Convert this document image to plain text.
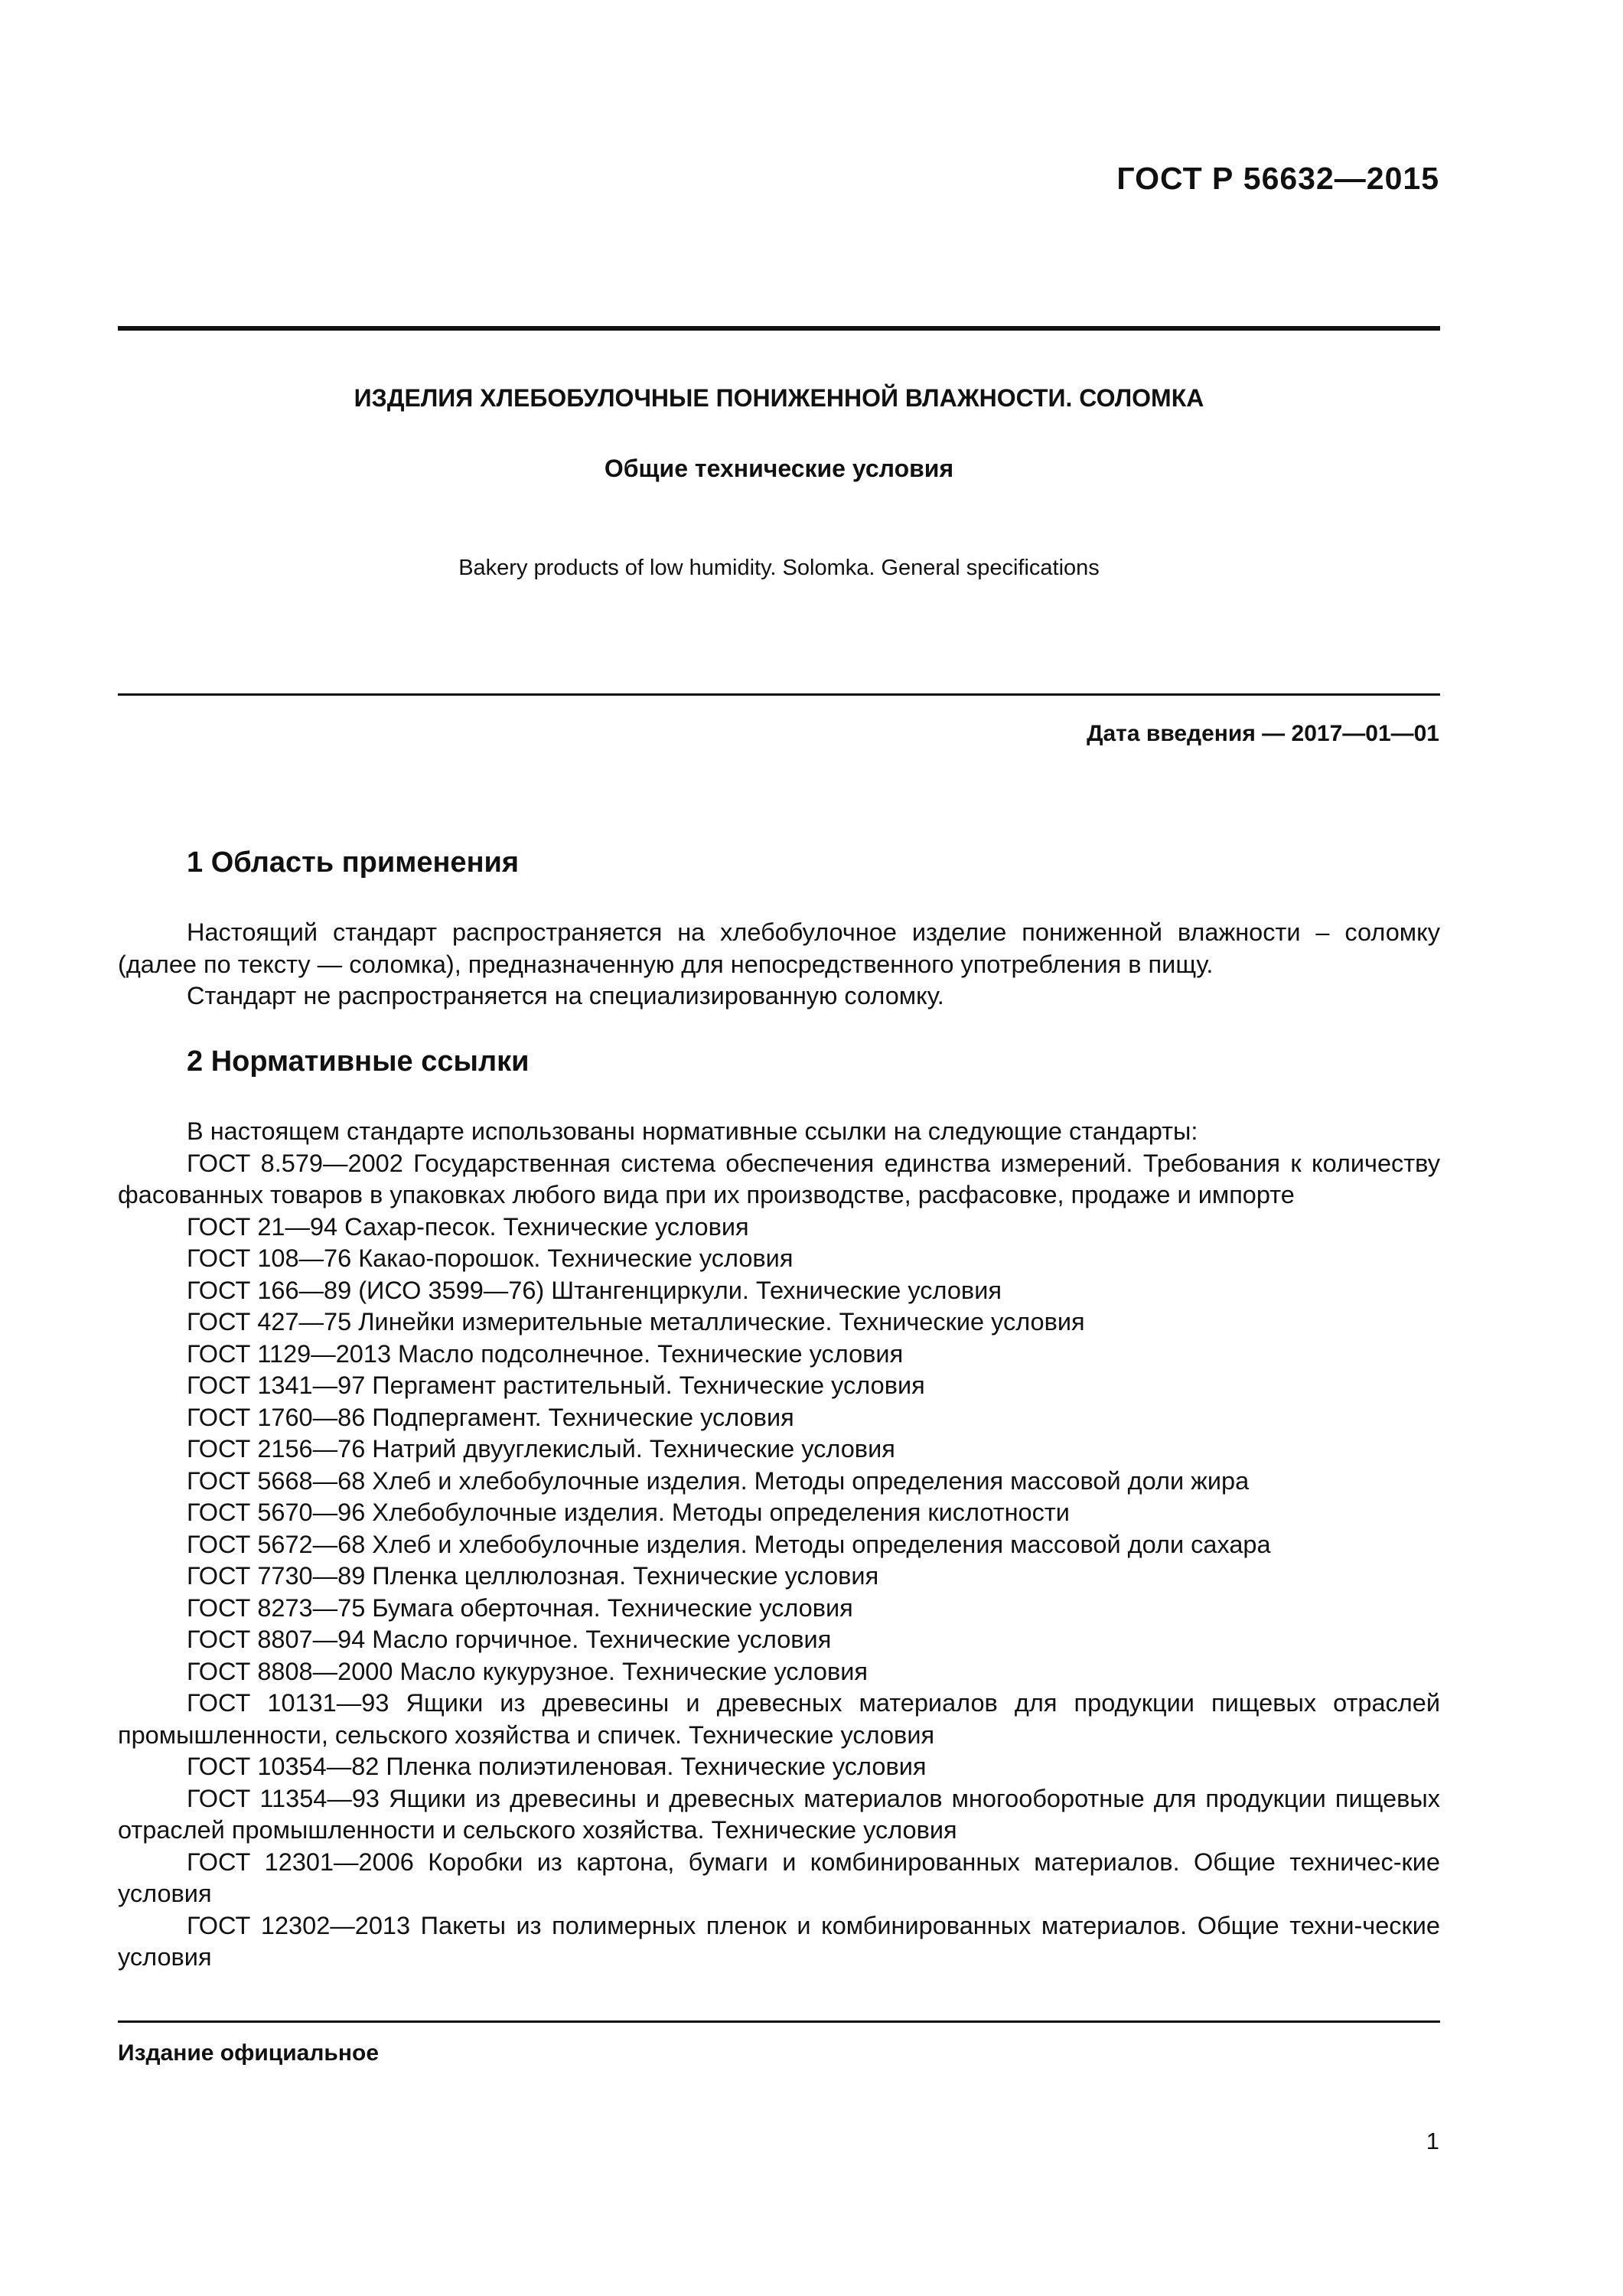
ГОСТ Р 56632—2015
ИЗДЕЛИЯ ХЛЕБОБУЛОЧНЫЕ ПОНИЖЕННОЙ ВЛАЖНОСТИ. СОЛОМКА
Общие технические условия
Bakery products of low humidity. Solomka. General specifications
Дата введения — 2017—01—01
1 Область применения

Настоящий стандарт распространяется на хлебобулочное изделие пониженной влажности – соломку (далее по тексту — соломка), предназначенную для непосредственного употребления в пищу.

Стандарт не распространяется на специализированную соломку.

2 Нормативные ссылки

В настоящем стандарте использованы нормативные ссылки на следующие стандарты:

ГОСТ 8.579—2002 Государственная система обеспечения единства измерений. Требования к количеству фасованных товаров в упаковках любого вида при их производстве, расфасовке, продаже и импорте

ГОСТ 21—94 Сахар-песок. Технические условия

ГОСТ 108—76 Какао-порошок. Технические условия

ГОСТ 166—89 (ИСО 3599—76) Штангенциркули. Технические условия

ГОСТ 427—75 Линейки измерительные металлические. Технические условия

ГОСТ 1129—2013 Масло подсолнечное. Технические условия

ГОСТ 1341—97 Пергамент растительный. Технические условия

ГОСТ 1760—86 Подпергамент. Технические условия

ГОСТ 2156—76 Натрий двууглекислый. Технические условия

ГОСТ 5668—68 Хлеб и хлебобулочные изделия. Методы определения массовой доли жира

ГОСТ 5670—96 Хлебобулочные изделия. Методы определения кислотности

ГОСТ 5672—68 Хлеб и хлебобулочные изделия. Методы определения массовой доли сахара

ГОСТ 7730—89 Пленка целлюлозная. Технические условия

ГОСТ 8273—75 Бумага оберточная. Технические условия

ГОСТ 8807—94 Масло горчичное. Технические условия

ГОСТ 8808—2000 Масло кукурузное. Технические условия

ГОСТ 10131—93 Ящики из древесины и древесных материалов для продукции пищевых отраслей промышленности, сельского хозяйства и спичек. Технические условия

ГОСТ 10354—82 Пленка полиэтиленовая. Технические условия

ГОСТ 11354—93 Ящики из древесины и древесных материалов многооборотные для продукции пищевых отраслей промышленности и сельского хозяйства. Технические условия

ГОСТ 12301—2006 Коробки из картона, бумаги и комбинированных материалов. Общие техничес-кие условия

ГОСТ 12302—2013 Пакеты из полимерных пленок и комбинированных материалов. Общие техни-ческие условия

Издание официальное
1
